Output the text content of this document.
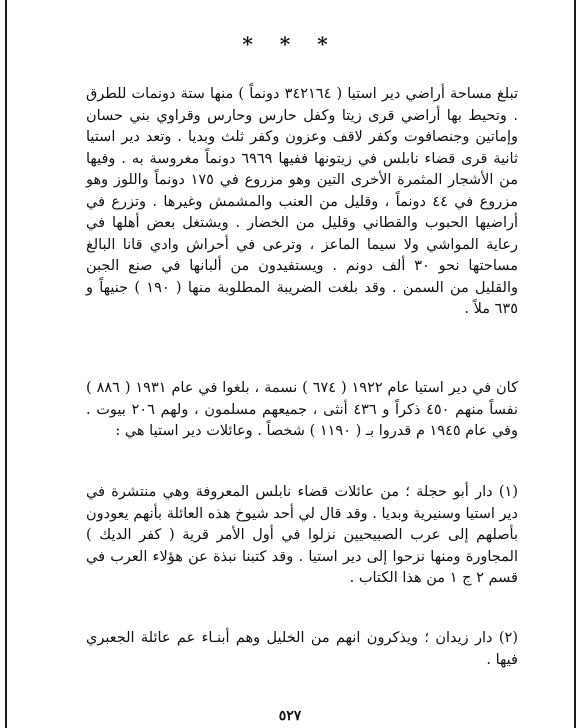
* * *

تبلغ مساحة أراضي دير استيا ( ٣٤٢١٦٤ دونماً ) منها ستة دونمات للطرق . وتحيط بها أراضي قرى زيتا وكفل حارس وحارس وقراوي بني حسان وإماتين وجنصافوت وكفر لاقف وعزون وكفر ثلث وبديا . وتعد دير استيا ثانية قرى قضاء نابلس في زيتونها ففيها ٦٩٦٩ دونماً مغروسة به . وفيها من الأشجار المثمرة الأخرى التين وهو مزروع في ١٧٥ دونماً واللوز وهو مزروع في ٤٤ دونماً ، وقليل من العنب والمشمش وغيرها . وتزرع في أراضيها الحبوب والقطاني وقليل من الخضار . ويشتغل بعض أهلها في رعاية المواشي ولا سيما الماعز ، وترعى في أحراش وادي قانا البالغ مساحتها نحو ٣٠ ألف دونم . ويستفيدون من ألبانها في صنع الجبن والقليل من السمن . وقد بلغت الضريبة المطلوبة منها ( ١٩٠ ) جنيهاً و ٦٣٥ ملاً .

كان في دير استيا عام ١٩٢٢ ( ٦٧٤ ) نسمة ، بلغوا في عام ١٩٣١ ( ٨٨٦ ) نفساً منهم ٤٥٠ ذكراً و ٤٣٦ أنثى ، جميعهم مسلمون ، ولهم ٢٠٦ بيوت . وفي عام ١٩٤٥ م قدروا بـ ( ١١٩٠ ) شخصاً . وعائلات دير استيا هي :

(١) دار أبو حجلة ؛ من عائلات قضاء نابلس المعروفة وهي منتشرة في دير استيا وسنيرية وبديا . وقد قال لي أحد شيوخ هذه العائلة بأنهم يعودون بأصلهم إلى عرب الصبيحيين نزلوا في أول الأمر قرية ( كفر الديك ) المجاورة ومنها نزحوا إلى دير استيا . وقد كتبنا نبذة عن هؤلاء العرب في قسم ٢ ج ١ من هذا الكتاب .

(٢) دار زيدان ؛ ويذكرون انهم من الخليل وهم أبنـاء عم عائلة الجعبري فيها .

٥٢٧
